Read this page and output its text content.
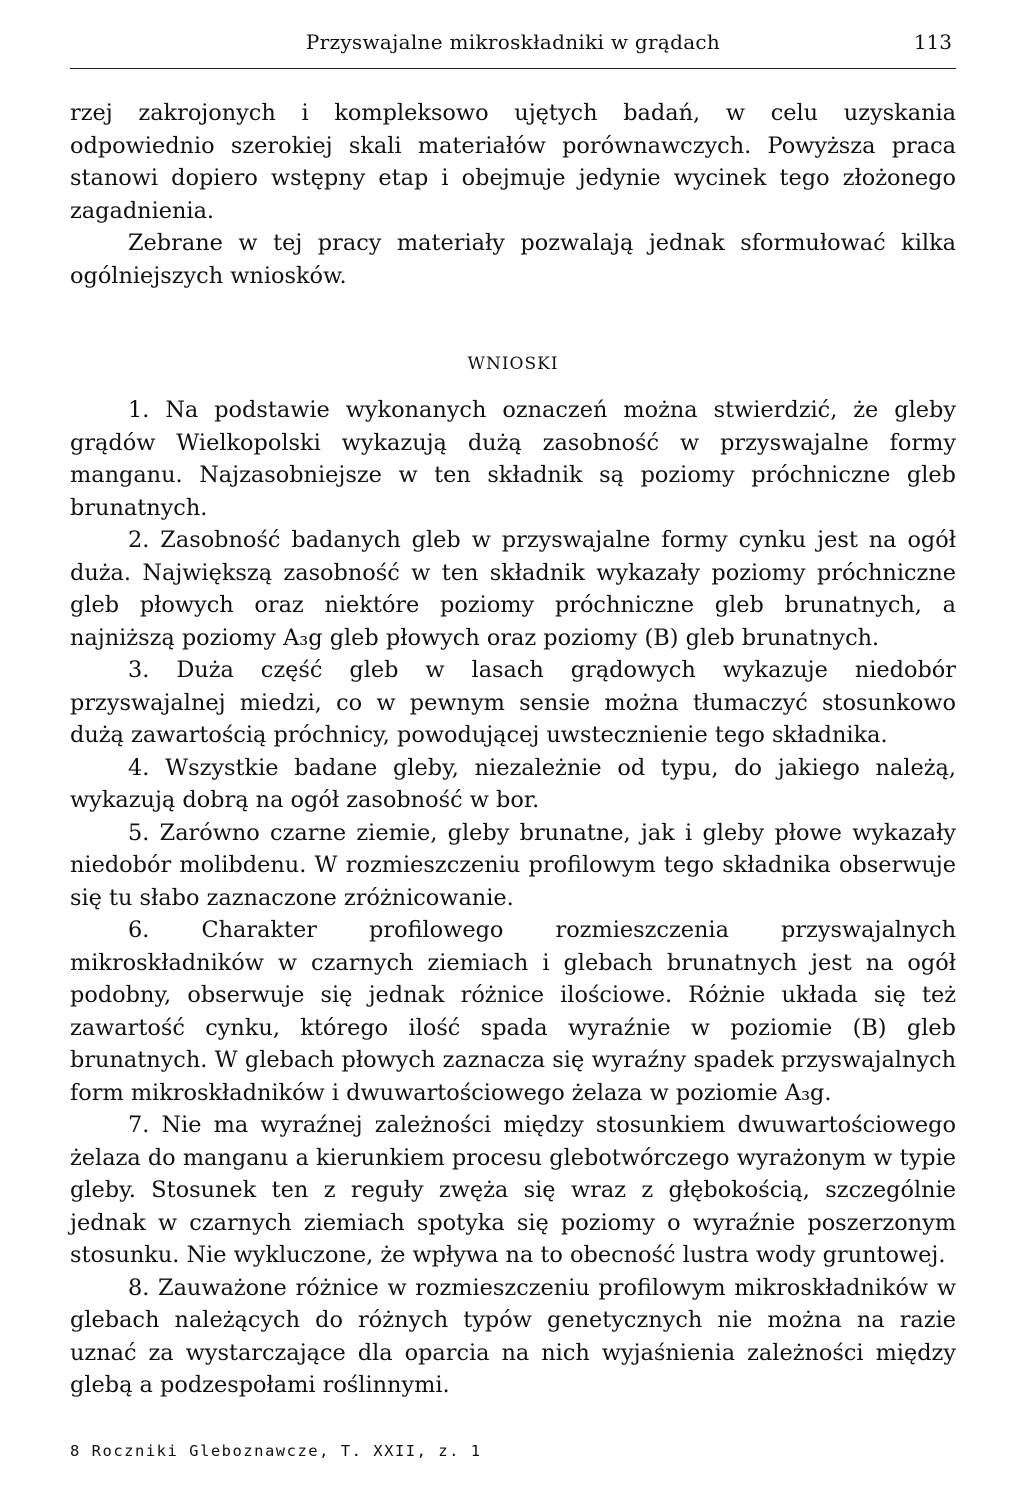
Przyswajalne mikroskładniki w grądach	113

rzej zakrojonych i kompleksowo ujętych badań, w celu uzyskania odpowiednio szerokiej skali materiałów porównawczych. Powyższa praca stanowi dopiero wstępny etap i obejmuje jedynie wycinek tego złożonego zagadnienia.

Zebrane w tej pracy materiały pozwalają jednak sformułować kilka ogólniejszych wniosków.

WNIOSKI

1. Na podstawie wykonanych oznaczeń można stwierdzić, że gleby grądów Wielkopolski wykazują dużą zasobność w przyswajalne formy manganu. Najzasobniejsze w ten składnik są poziomy próchniczne gleb brunatnych.

2. Zasobność badanych gleb w przyswajalne formy cynku jest na ogół duża. Największą zasobność w ten składnik wykazały poziomy próchniczne gleb płowych oraz niektóre poziomy próchniczne gleb brunatnych, a najniższą poziomy A₃g gleb płowych oraz poziomy (B) gleb brunatnych.

3. Duża część gleb w lasach grądowych wykazuje niedobór przyswajalnej miedzi, co w pewnym sensie można tłumaczyć stosunkowo dużą zawartością próchnicy, powodującej uwstecznienie tego składnika.

4. Wszystkie badane gleby, niezależnie od typu, do jakiego należą, wykazują dobrą na ogół zasobność w bor.

5. Zarówno czarne ziemie, gleby brunatne, jak i gleby płowe wykazały niedobór molibdenu. W rozmieszczeniu profilowym tego składnika obserwuje się tu słabo zaznaczone zróżnicowanie.

6. Charakter profilowego rozmieszczenia przyswajalnych mikroskładników w czarnych ziemiach i glebach brunatnych jest na ogół podobny, obserwuje się jednak różnice ilościowe. Różnie układa się też zawartość cynku, którego ilość spada wyraźnie w poziomie (B) gleb brunatnych. W glebach płowych zaznacza się wyraźny spadek przyswajalnych form mikroskładników i dwuwartościowego żelaza w poziomie A₃g.

7. Nie ma wyraźnej zależności między stosunkiem dwuwartościowego żelaza do manganu a kierunkiem procesu glebotwórczego wyrażonym w typie gleby. Stosunek ten z reguły zwęża się wraz z głębokością, szczególnie jednak w czarnych ziemiach spotyka się poziomy o wyraźnie poszerzonym stosunku. Nie wykluczone, że wpływa na to obecność lustra wody gruntowej.

8. Zauważone różnice w rozmieszczeniu profilowym mikroskładników w glebach należących do różnych typów genetycznych nie można na razie uznać za wystarczające dla oparcia na nich wyjaśnienia zależności między glebą a podzespołami roślinnymi.

8 Roczniki Gleboznawcze, T. XXII, z. 1
